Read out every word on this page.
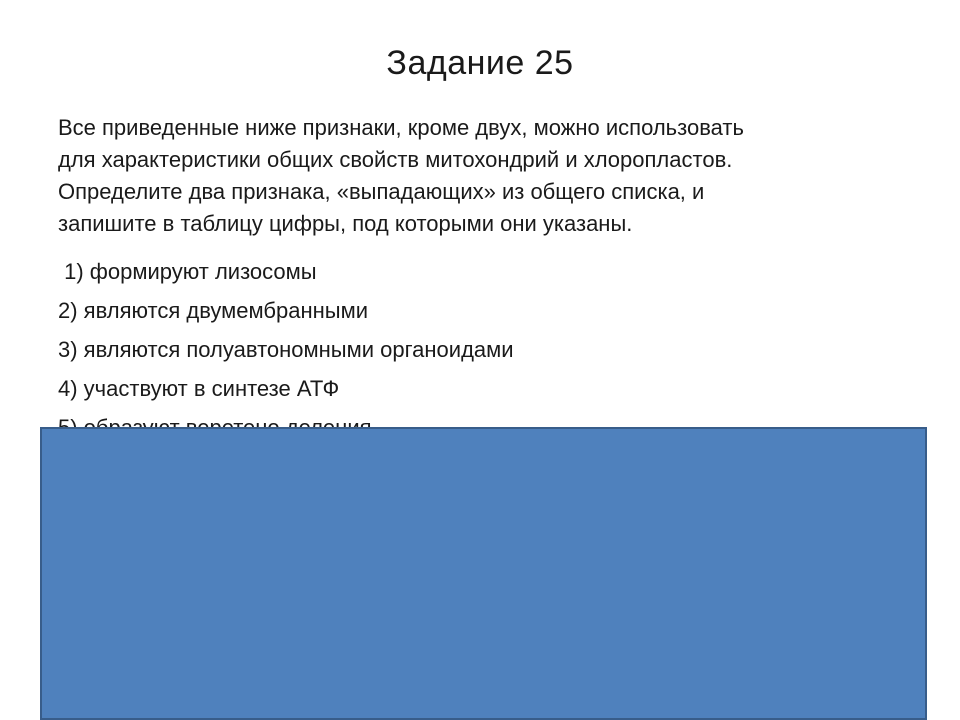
Задание 25

Все приведенные ниже признаки, кроме двух, можно использовать
для характеристики общих свойств митохондрий и хлоропластов.
Определите два признака, «выпадающих» из общего списка, и
запишите в таблицу цифры, под которыми они указаны.

1) формируют лизосомы

2) являются двумембранными

3) являются полуавтономными органоидами

4) участвуют в синтезе АТФ
